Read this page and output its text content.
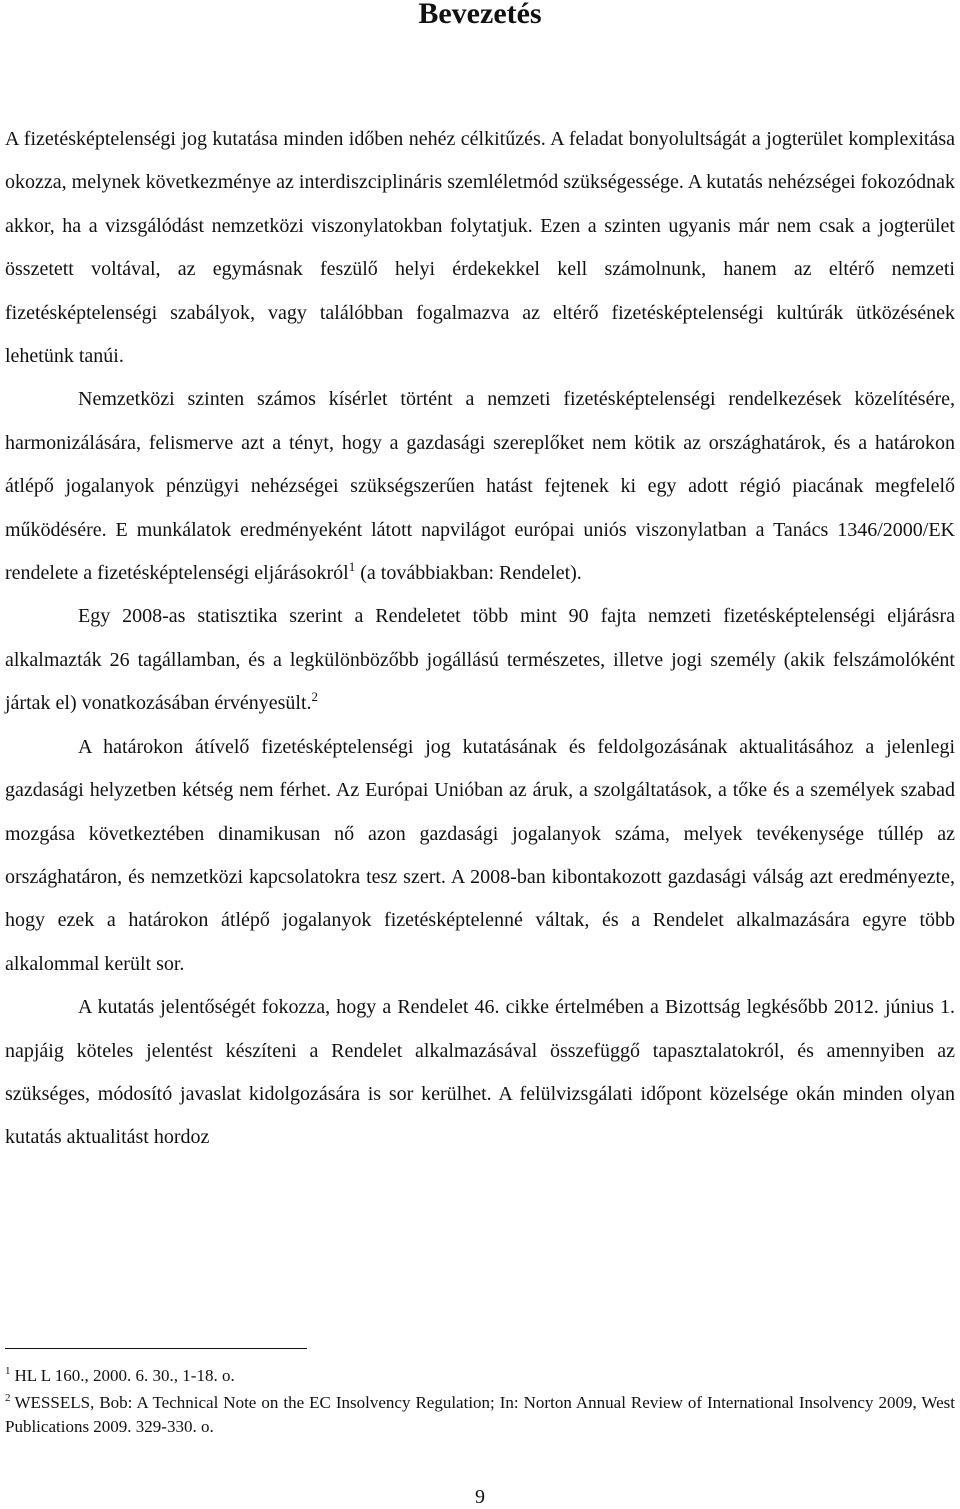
Bevezetés

A fizetésképtelenségi jog kutatása minden időben nehéz célkitűzés. A feladat bonyolultságát a jogterület komplexitása okozza, melynek következménye az interdiszciplináris szemléletmód szükségessége. A kutatás nehézségei fokozódnak akkor, ha a vizsgálódást nemzetközi viszonylatokban folytatjuk. Ezen a szinten ugyanis már nem csak a jogterület összetett voltával, az egymásnak feszülő helyi érdekekkel kell számolnunk, hanem az eltérő nemzeti fizetésképtelenségi szabályok, vagy találóbban fogalmazva az eltérő fizetésképtelenségi kultúrák ütközésének lehetünk tanúi.

Nemzetközi szinten számos kísérlet történt a nemzeti fizetésképtelenségi rendelkezések közelítésére, harmonizálására, felismerve azt a tényt, hogy a gazdasági szereplőket nem kötik az országhatárok, és a határokon átlépő jogalanyok pénzügyi nehézségei szükségszerűen hatást fejtenek ki egy adott régió piacának megfelelő működésére. E munkálatok eredményeként látott napvilágot európai uniós viszonylatban a Tanács 1346/2000/EK rendelete a fizetésképtelenségi eljárásokról$^1$ (a továbbiakban: Rendelet).

Egy 2008-as statisztika szerint a Rendeletet több mint 90 fajta nemzeti fizetésképtelenségi eljárásra alkalmazták 26 tagállamban, és a legkülönbözőbb jogállású természetes, illetve jogi személy (akik felszámolóként jártak el) vonatkozásában érvényesült.$^2$

A határokon átívelő fizetésképtelenségi jog kutatásának és feldolgozásának aktualitásához a jelenlegi gazdasági helyzetben kétség nem férhet. Az Európai Unióban az áruk, a szolgáltatások, a tőke és a személyek szabad mozgása következtében dinamikusan nő azon gazdasági jogalanyok száma, melyek tevékenysége túllép az országhatáron, és nemzetközi kapcsolatokra tesz szert. A 2008-ban kibontakozott gazdasági válság azt eredményezte, hogy ezek a határokon átlépő jogalanyok fizetésképtelenné váltak, és a Rendelet alkalmazására egyre több alkalommal került sor.

A kutatás jelentőségét fokozza, hogy a Rendelet 46. cikke értelmében a Bizottság legkésőbb 2012. június 1. napjáig köteles jelentést készíteni a Rendelet alkalmazásával összefüggő tapasztalatokról, és amennyiben az szükséges, módosító javaslat kidolgozására is sor kerülhet. A felülvizsgálati időpont közelsége okán minden olyan kutatás aktualitást hordoz

$^1$ HL L 160., 2000. 6. 30., 1-18. o.

$^2$ WESSELS, Bob: A Technical Note on the EC Insolvency Regulation; In: Norton Annual Review of International Insolvency 2009, West Publications 2009. 329-330. o.

9
